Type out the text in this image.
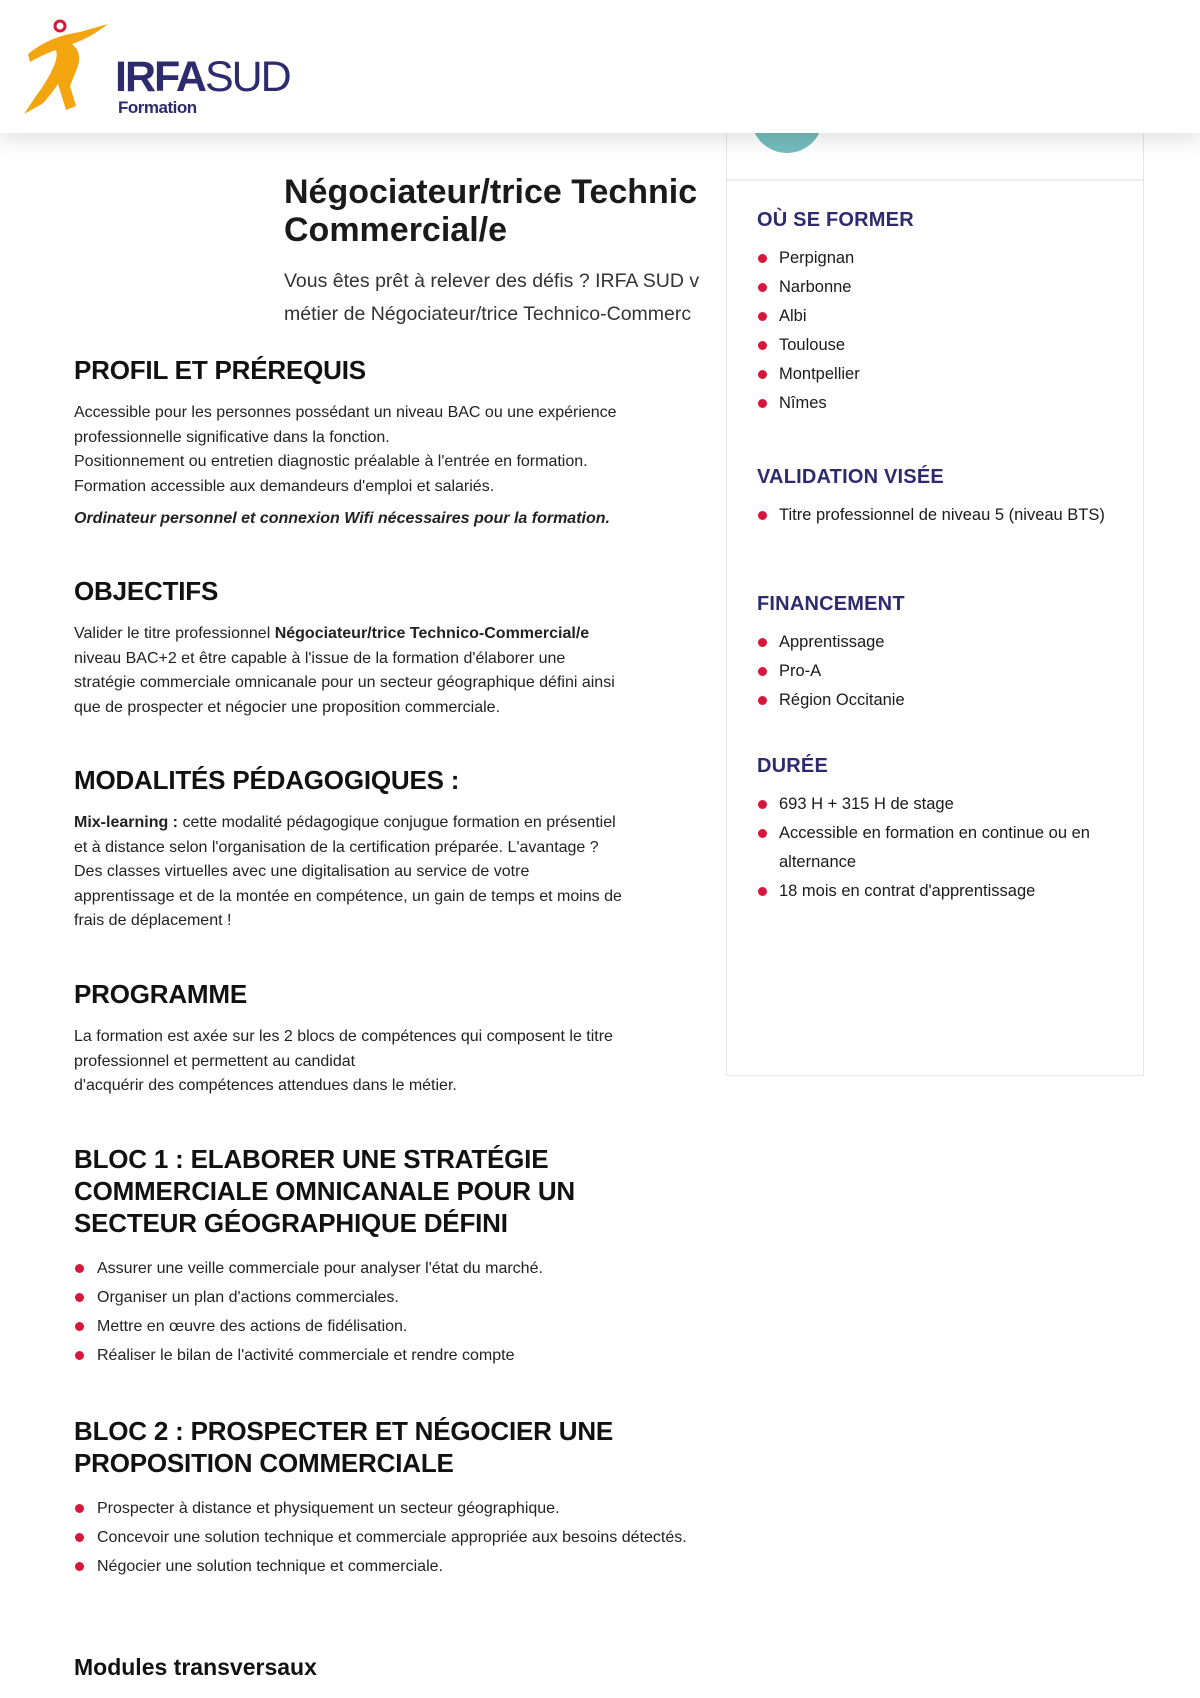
IRFASUD
Formation
Négociateur/trice Technic
Commercial/e
Vous êtes prêt à relever des défis ? IRFA SUD v
métier de Négociateur/trice Technico-Commerc
OÙ SE FORMER
Perpignan
Narbonne
Albi
Toulouse
Montpellier
Nîmes
VALIDATION VISÉE
Titre professionnel de niveau 5 (niveau BTS)
FINANCEMENT
Apprentissage
Pro-A
Région Occitanie
DURÉE
693 H + 315 H de stage
Accessible en formation en continue ou en alternance
18 mois en contrat d'apprentissage
PROFIL ET PRÉREQUIS

Accessible pour les personnes possédant un niveau BAC ou une expérience
professionnelle significative dans la fonction.
Positionnement ou entretien diagnostic préalable à l'entrée en formation.
Formation accessible aux demandeurs d'emploi et salariés.

Ordinateur personnel et connexion Wifi nécessaires pour la formation.

OBJECTIFS

Valider le titre professionnel Négociateur/trice Technico-Commercial/e
niveau BAC+2 et être capable à l'issue de la formation d'élaborer une
stratégie commerciale omnicanale pour un secteur géographique défini ainsi
que de prospecter et négocier une proposition commerciale.

MODALITÉS PÉDAGOGIQUES :

Mix-learning : cette modalité pédagogique conjugue formation en présentiel
et à distance selon l'organisation de la certification préparée. L'avantage ?
Des classes virtuelles avec une digitalisation au service de votre
apprentissage et de la montée en compétence, un gain de temps et moins de
frais de déplacement !

PROGRAMME

La formation est axée sur les 2 blocs de compétences qui composent le titre
professionnel et permettent au candidat
d'acquérir des compétences attendues dans le métier.

BLOC 1 : ELABORER UNE STRATÉGIE
COMMERCIALE OMNICANALE POUR UN
SECTEUR GÉOGRAPHIQUE DÉFINI
Assurer une veille commerciale pour analyser l'état du marché.
Organiser un plan d'actions commerciales.
Mettre en œuvre des actions de fidélisation.
Réaliser le bilan de l'activité commerciale et rendre compte
BLOC 2 : PROSPECTER ET NÉGOCIER UNE
PROPOSITION COMMERCIALE
Prospecter à distance et physiquement un secteur géographique.
Concevoir une solution technique et commerciale appropriée aux besoins détectés.
Négocier une solution technique et commerciale.
Modules transversaux
